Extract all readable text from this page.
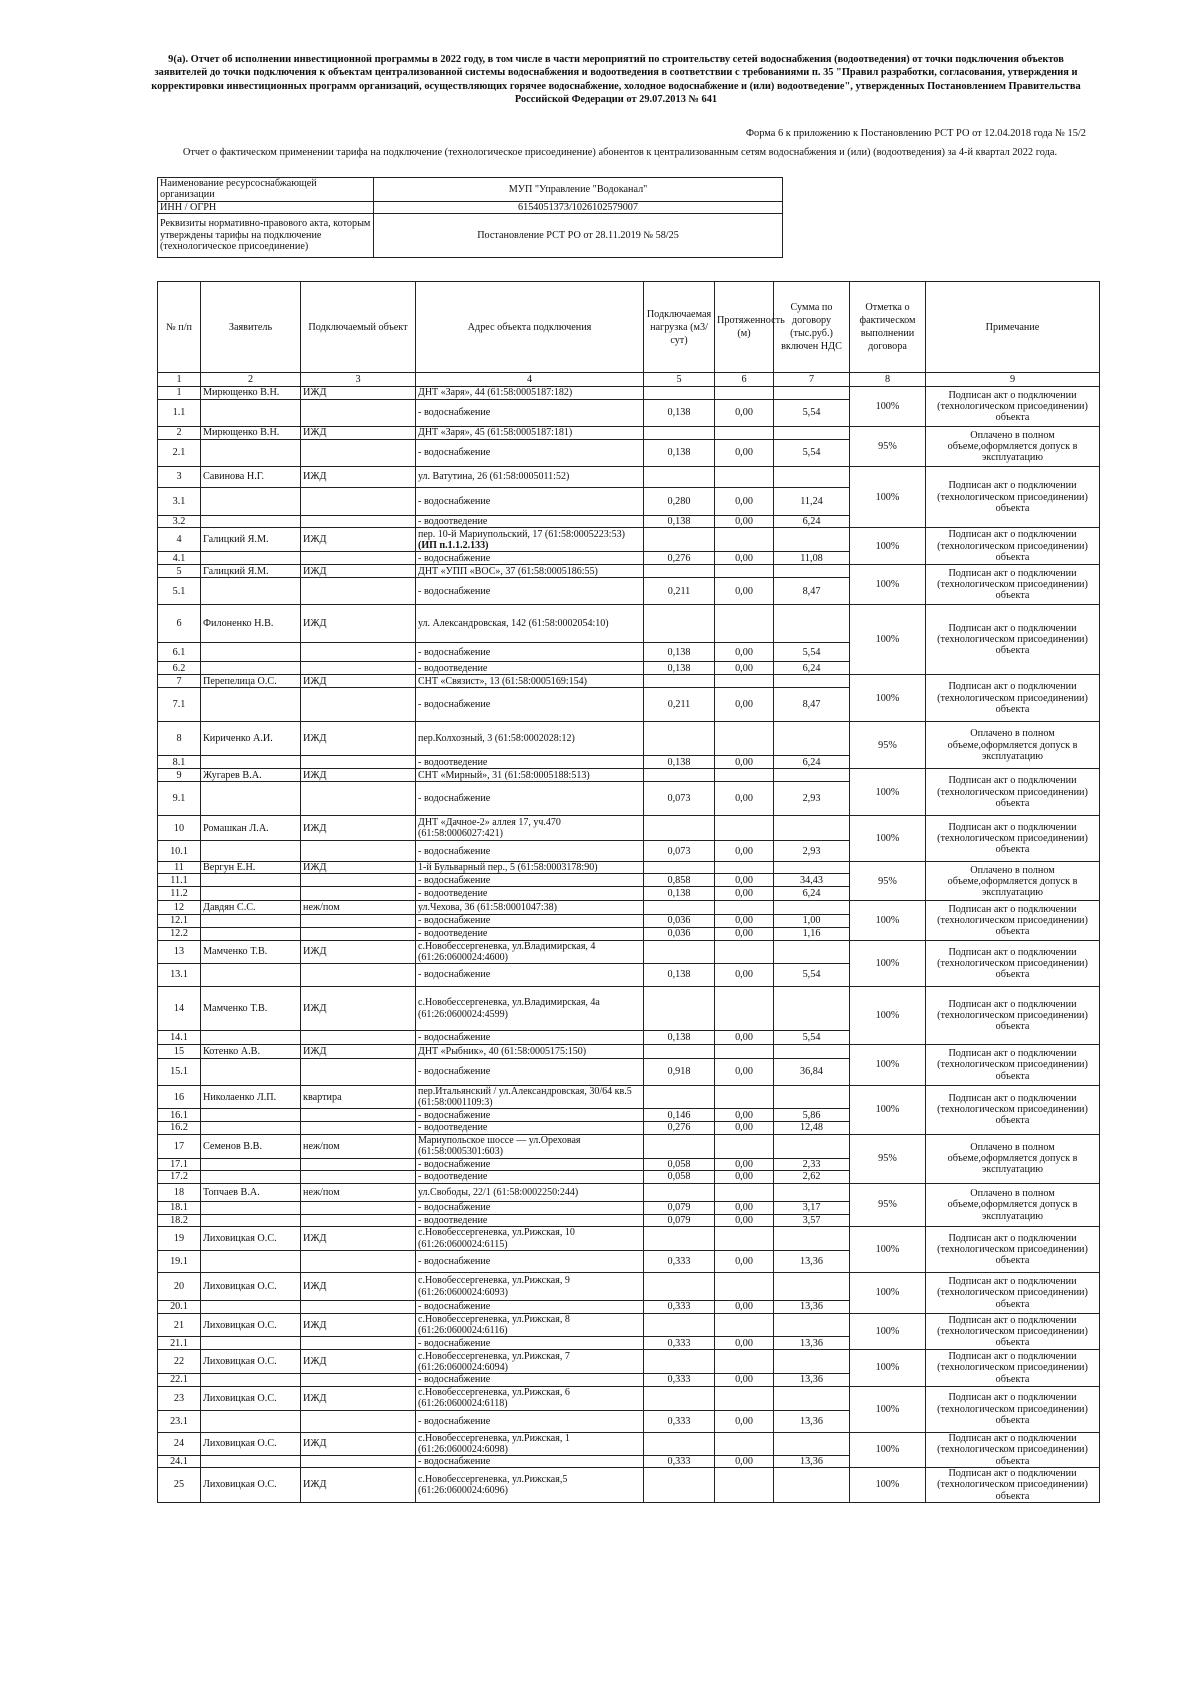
9(а). Отчет об исполнении инвестиционной программы в 2022 году, в том числе в части мероприятий по строительству сетей водоснабжения (водоотведения) от точки подключения объектов заявителей до точки подключения к объектам централизованной системы водоснабжения и водоотведения в соответствии с требованиями п. 35 "Правил разработки, согласования, утверждения и корректировки инвестиционных программ организаций, осуществляющих горячее водоснабжение, холодное водоснабжение и (или) водоотведение", утвержденных Постановлением Правительства Российской Федерации от 29.07.2013 № 641
Форма 6 к приложению к Постановлению РСТ РО от 12.04.2018 года № 15/2
Отчет о фактическом применении тарифа на подключение (технологическое присоединение) абонентов к централизованным сетям водоснабжения и (или) (водоотведения) за 4-й квартал 2022 года.
Наименование ресурсоснабжающей организации	МУП "Управление "Водоканал"
ИНН / ОГРН	6154051373/1026102579007
Реквизиты нормативно-правового акта, которым утверждены тарифы на подключение (технологическое присоединение)	Постановление РСТ РО от 28.11.2019 № 58/25
№ п/п	Заявитель	Подключаемый объект	Адрес объекта подключения	Подключаемая нагрузка (м3/сут)	Протяженность (м)	Сумма по договору (тыс.руб.) включен НДС	Отметка о фактическом выполнении договора	Примечание
1	2	3	4	5	6	7	8	9
1	Мирющенко В.Н.	ИЖД	ДНТ «Заря», 44 (61:58:0005187:182)				100%	Подписан акт о подключении (технологическом присоединении) объекта
1.1			- водоснабжение	0,138	0,00	5,54		
2	Мирющенко В.Н.	ИЖД	ДНТ «Заря», 45 (61:58:0005187:181)				95%	Оплачено в полном объеме,оформляется допуск в эксплуатацию
2.1			- водоснабжение	0,138	0,00	5,54		
3	Савинова Н.Г.	ИЖД	ул. Ватутина, 26 (61:58:0005011:52)				100%	Подписан акт о подключении (технологическом присоединении) объекта
3.1			- водоснабжение	0,280	0,00	11,24		
3.2			- водоотведение	0,138	0,00	6,24		
4	Галицкий Я.М.	ИЖД	пер. 10-й Мариупольский, 17 (61:58:0005223:53) (ИП п.1.1.2.133)				100%	Подписан акт о подключении (технологическом присоединении) объекта
4.1			- водоснабжение	0,276	0,00	11,08		
5	Галицкий Я.М.	ИЖД	ДНТ «УПП «ВОС», 37 (61:58:0005186:55)				100%	Подписан акт о подключении (технологическом присоединении) объекта
5.1			- водоснабжение	0,211	0,00	8,47		
6	Филоненко Н.В.	ИЖД	ул. Александровская, 142 (61:58:0002054:10)				100%	Подписан акт о подключении (технологическом присоединении) объекта
6.1			- водоснабжение	0,138	0,00	5,54		
6.2			- водоотведение	0,138	0,00	6,24		
7	Перепелица О.С.	ИЖД	СНТ «Связист», 13 (61:58:0005169:154)				100%	Подписан акт о подключении (технологическом присоединении) объекта
7.1			- водоснабжение	0,211	0,00	8,47		
8	Кириченко А.И.	ИЖД	пер.Колхозный, 3 (61:58:0002028:12)				95%	Оплачено в полном объеме,оформляется допуск в эксплуатацию
8.1			- водоотведение	0,138	0,00	6,24		
9	Жугарев В.А.	ИЖД	СНТ «Мирный», 31 (61:58:0005188:513)				100%	Подписан акт о подключении (технологическом присоединении) объекта
9.1			- водоснабжение	0,073	0,00	2,93		
10	Ромашкан Л.А.	ИЖД	ДНТ «Дачное-2» аллея 17, уч.470 (61:58:0006027:421)				100%	Подписан акт о подключении (технологическом присоединении) объекта
10.1			- водоснабжение	0,073	0,00	2,93		
11	Вергун Е.Н.	ИЖД	1-й Бульварный пер., 5 (61:58:0003178:90)				95%	Оплачено в полном объеме,оформляется допуск в эксплуатацию
11.1			- водоснабжение	0,858	0,00	34,43		
11.2			- водоотведение	0,138	0,00	6,24		
12	Давдян С.С.	неж/пом	ул.Чехова, 36 (61:58:0001047:38)				100%	Подписан акт о подключении (технологическом присоединении) объекта
12.1			- водоснабжение	0,036	0,00	1,00		
12.2			- водоотведение	0,036	0,00	1,16		
13	Мамченко Т.В.	ИЖД	с.Новобессергеневка, ул.Владимирская, 4 (61:26:0600024:4600)				100%	Подписан акт о подключении (технологическом присоединении) объекта
13.1			- водоснабжение	0,138	0,00	5,54		
14	Мамченко Т.В.	ИЖД	с.Новобессергеневка, ул.Владимирская, 4а (61:26:0600024:4599)				100%	Подписан акт о подключении (технологическом присоединении) объекта
14.1			- водоснабжение	0,138	0,00	5,54		
15	Котенко А.В.	ИЖД	ДНТ «Рыбник», 40 (61:58:0005175:150)				100%	Подписан акт о подключении (технологическом присоединении) объекта
15.1			- водоснабжение	0,918	0,00	36,84		
16	Николаенко Л.П.	квартира	пер.Итальянский / ул.Александровская, 30/64 кв.5 (61:58:0001109:3)				100%	Подписан акт о подключении (технологическом присоединении) объекта
16.1			- водоснабжение	0,146	0,00	5,86		
16.2			- водоотведение	0,276	0,00	12,48		
17	Семенов В.В.	неж/пом	Мариупольское шоссе — ул.Ореховая (61:58:0005301:603)				95%	Оплачено в полном объеме,оформляется допуск в эксплуатацию
17.1			- водоснабжение	0,058	0,00	2,33		
17.2			- водоотведение	0,058	0,00	2,62		
18	Топчаев В.А.	неж/пом	ул.Свободы, 22/1 (61:58:0002250:244)				95%	Оплачено в полном объеме,оформляется допуск в эксплуатацию
18.1			- водоснабжение	0,079	0,00	3,17		
18.2			- водоотведение	0,079	0,00	3,57		
19	Лиховицкая О.С.	ИЖД	с.Новобессергеневка, ул.Рижская, 10 (61:26:0600024:6115)				100%	Подписан акт о подключении (технологическом присоединении) объекта
19.1			- водоснабжение	0,333	0,00	13,36		
20	Лиховицкая О.С.	ИЖД	с.Новобессергеневка, ул.Рижская, 9 (61:26:0600024:6093)				100%	Подписан акт о подключении (технологическом присоединении) объекта
20.1			- водоснабжение	0,333	0,00	13,36		
21	Лиховицкая О.С.	ИЖД	с.Новобессергеневка, ул.Рижская, 8 (61:26:0600024:6116)				100%	Подписан акт о подключении (технологическом присоединении) объекта
21.1			- водоснабжение	0,333	0,00	13,36		
22	Лиховицкая О.С.	ИЖД	с.Новобессергеневка, ул.Рижская, 7 (61:26:0600024:6094)				100%	Подписан акт о подключении (технологическом присоединении) объекта
22.1			- водоснабжение	0,333	0,00	13,36		
23	Лиховицкая О.С.	ИЖД	с.Новобессергеневка, ул.Рижская, 6 (61:26:0600024:6118)				100%	Подписан акт о подключении (технологическом присоединении) объекта
23.1			- водоснабжение	0,333	0,00	13,36		
24	Лиховицкая О.С.	ИЖД	с.Новобессергеневка, ул.Рижская, 1 (61:26:0600024:6098)				100%	Подписан акт о подключении (технологическом присоединении) объекта
24.1			- водоснабжение	0,333	0,00	13,36		
25	Лиховицкая О.С.	ИЖД	с.Новобессергеневка, ул.Рижская,5 (61:26:0600024:6096)				100%	Подписан акт о подключении (технологическом присоединении) объекта
